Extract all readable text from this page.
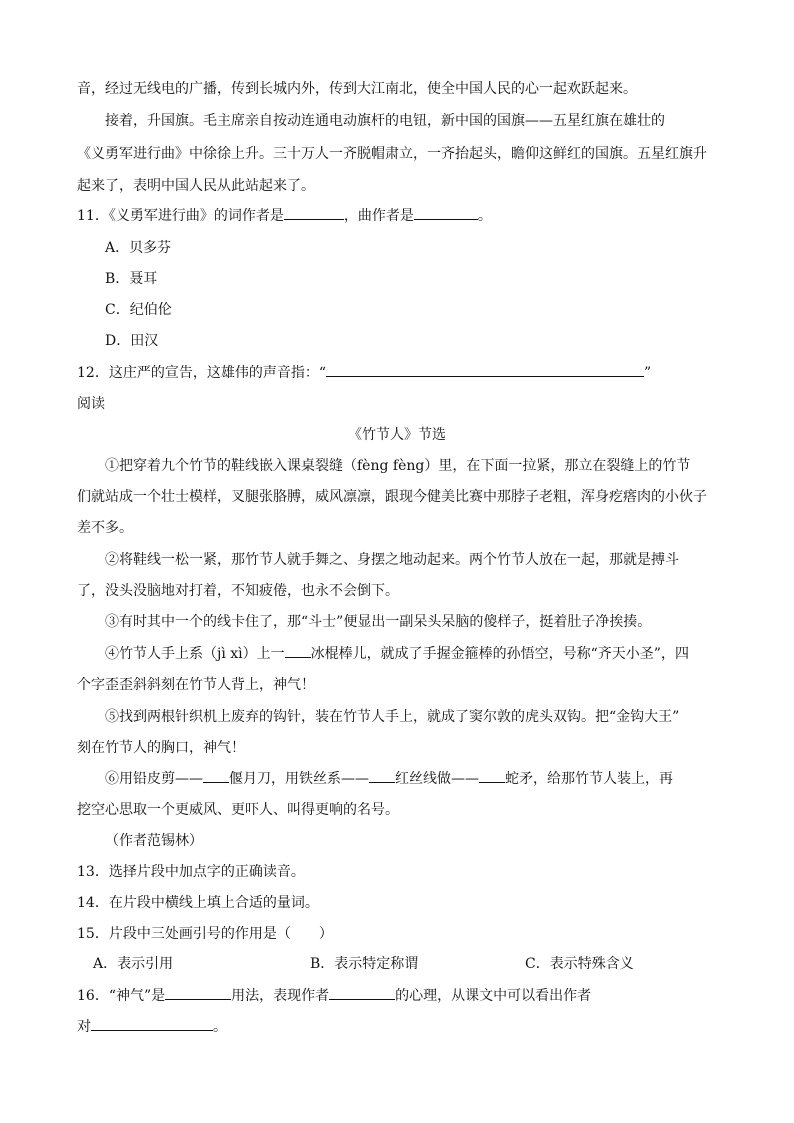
音，经过无线电的广播，传到长城内外，传到大江南北，使全中国人民的心一起欢跃起来。
接着，升国旗。毛主席亲自按动连通电动旗杆的电钮，新中国的国旗——五星红旗在雄壮的
《义勇军进行曲》中徐徐上升。三十万人一齐脱帽肃立，一齐抬起头，瞻仰这鲜红的国旗。五星红旗升
起来了，表明中国人民从此站起来了。
11．《义勇军进行曲》的词作者是	，曲作者是	。
A．贝多芬
B．聂耳
C．纪伯伦
D．田汉
12．这庄严的宣告，这雄伟的声音指：“	”
阅读
《竹节人》节选
①把穿着九个竹节的鞋线嵌入课桌裂缝（fèng fèng）里，在下面一拉紧，那立在裂缝上的竹节
们就站成一个壮士模样，叉腿张胳膊，威风凛凛，跟现今健美比赛中那脖子老粗，浑身疙瘩肉的小伙子
差不多。
②将鞋线一松一紧，那竹节人就手舞之、身摆之地动起来。两个竹节人放在一起，那就是搏斗
了，没头没脑地对打着，不知疲倦，也永不会倒下。
③有时其中一个的线卡住了，那“斗士”便显出一副呆头呆脑的傻样子，挺着肚子净挨揍。
④竹节人手上系（jì xì）上一 冰棍棒儿，就成了手握金箍棒的孙悟空，号称“齐天小圣”，四
个字歪歪斜斜刻在竹节人背上，神气！
⑤找到两根针织机上废弃的钩针，装在竹节人手上，就成了窦尔敦的虎头双钩。把“金钩大王”
刻在竹节人的胸口，神气！
⑥用铅皮剪—— 偃月刀，用铁丝系—— 红丝线做—— 蛇矛，给那竹节人装上，再
挖空心思取一个更威风、更吓人、叫得更响的名号。
（作者范锡林）
13．选择片段中加点字的正确读音。
14．在片段中横线上填上合适的量词。
15．片段中三处画引号的作用是（　　）
A．表示引用	B．表示特定称谓	C．表示特殊含义
16．“神气”是	用法，表现作者	的心理，从课文中可以看出作者
对	。
